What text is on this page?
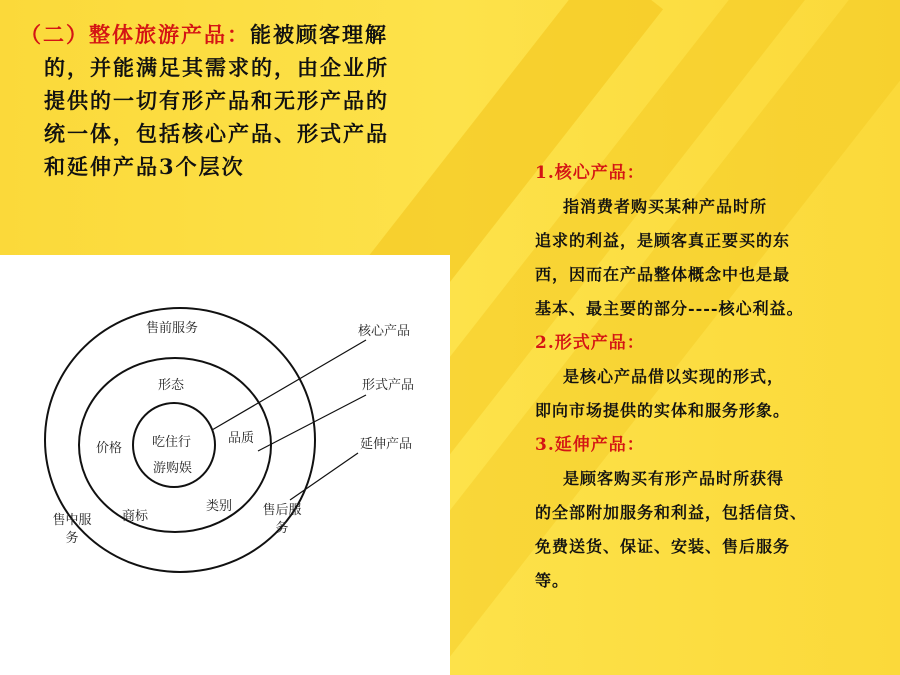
（二）整体旅游产品：能被顾客理解
的，并能满足其需求的，由企业所
提供的一切有形产品和无形产品的
统一体，包括核心产品、形式产品
和延伸产品3个层次
售前服务
形态
吃住行
游购娱
价格
品质
商标
类别
售中服务
售后服务
核心产品
形式产品
延伸产品
1.核心产品：
指消费者购买某种产品时所
追求的利益，是顾客真正要买的东
西，因而在产品整体概念中也是最
基本、最主要的部分----核心利益。
2.形式产品：
是核心产品借以实现的形式，
即向市场提供的实体和服务形象。
3.延伸产品：
是顾客购买有形产品时所获得
的全部附加服务和利益，包括信贷、
免费送货、保证、安装、售后服务
等。
